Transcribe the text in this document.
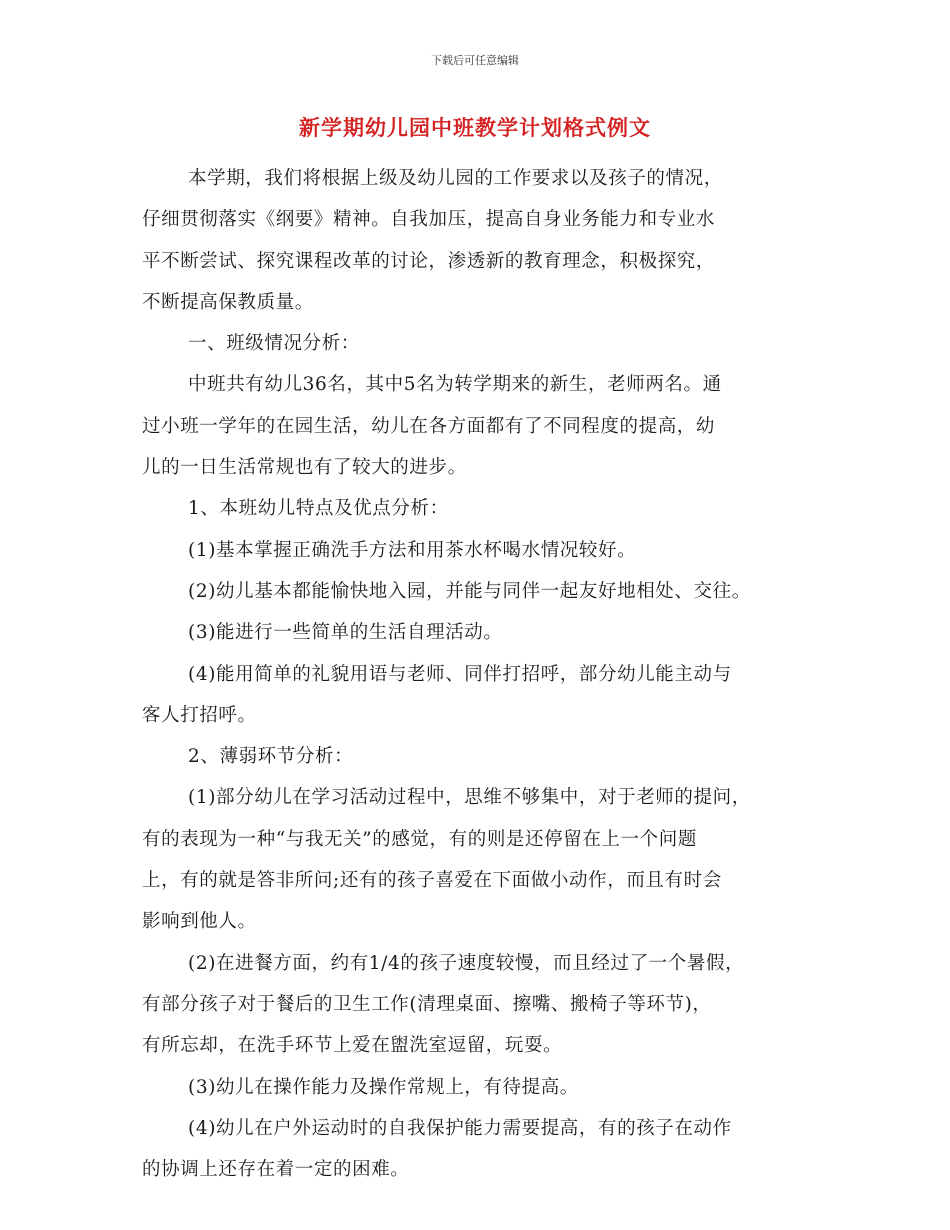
下载后可任意编辑

新学期幼儿园中班教学计划格式例文
本学期，我们将根据上级及幼儿园的工作要求以及孩子的情况，
仔细贯彻落实《纲要》精神。自我加压，提高自身业务能力和专业水
平不断尝试、探究课程改革的讨论，渗透新的教育理念，积极探究，
不断提高保教质量。
一、班级情况分析：
中班共有幼儿36名，其中5名为转学期来的新生，老师两名。通
过小班一学年的在园生活，幼儿在各方面都有了不同程度的提高，幼
儿的一日生活常规也有了较大的进步。
1、本班幼儿特点及优点分析：
(1)基本掌握正确洗手方法和用茶水杯喝水情况较好。
(2)幼儿基本都能愉快地入园，并能与同伴一起友好地相处、交往。
(3)能进行一些简单的生活自理活动。
(4)能用简单的礼貌用语与老师、同伴打招呼，部分幼儿能主动与
客人打招呼。
2、薄弱环节分析：
(1)部分幼儿在学习活动过程中，思维不够集中，对于老师的提问，
有的表现为一种“与我无关”的感觉，有的则是还停留在上一个问题
上，有的就是答非所问;还有的孩子喜爱在下面做小动作，而且有时会
影响到他人。
(2)在进餐方面，约有1/4的孩子速度较慢，而且经过了一个暑假，
有部分孩子对于餐后的卫生工作(清理桌面、擦嘴、搬椅子等环节)，
有所忘却，在洗手环节上爱在盥洗室逗留，玩耍。
(3)幼儿在操作能力及操作常规上，有待提高。
(4)幼儿在户外运动时的自我保护能力需要提高，有的孩子在动作
的协调上还存在着一定的困难。
